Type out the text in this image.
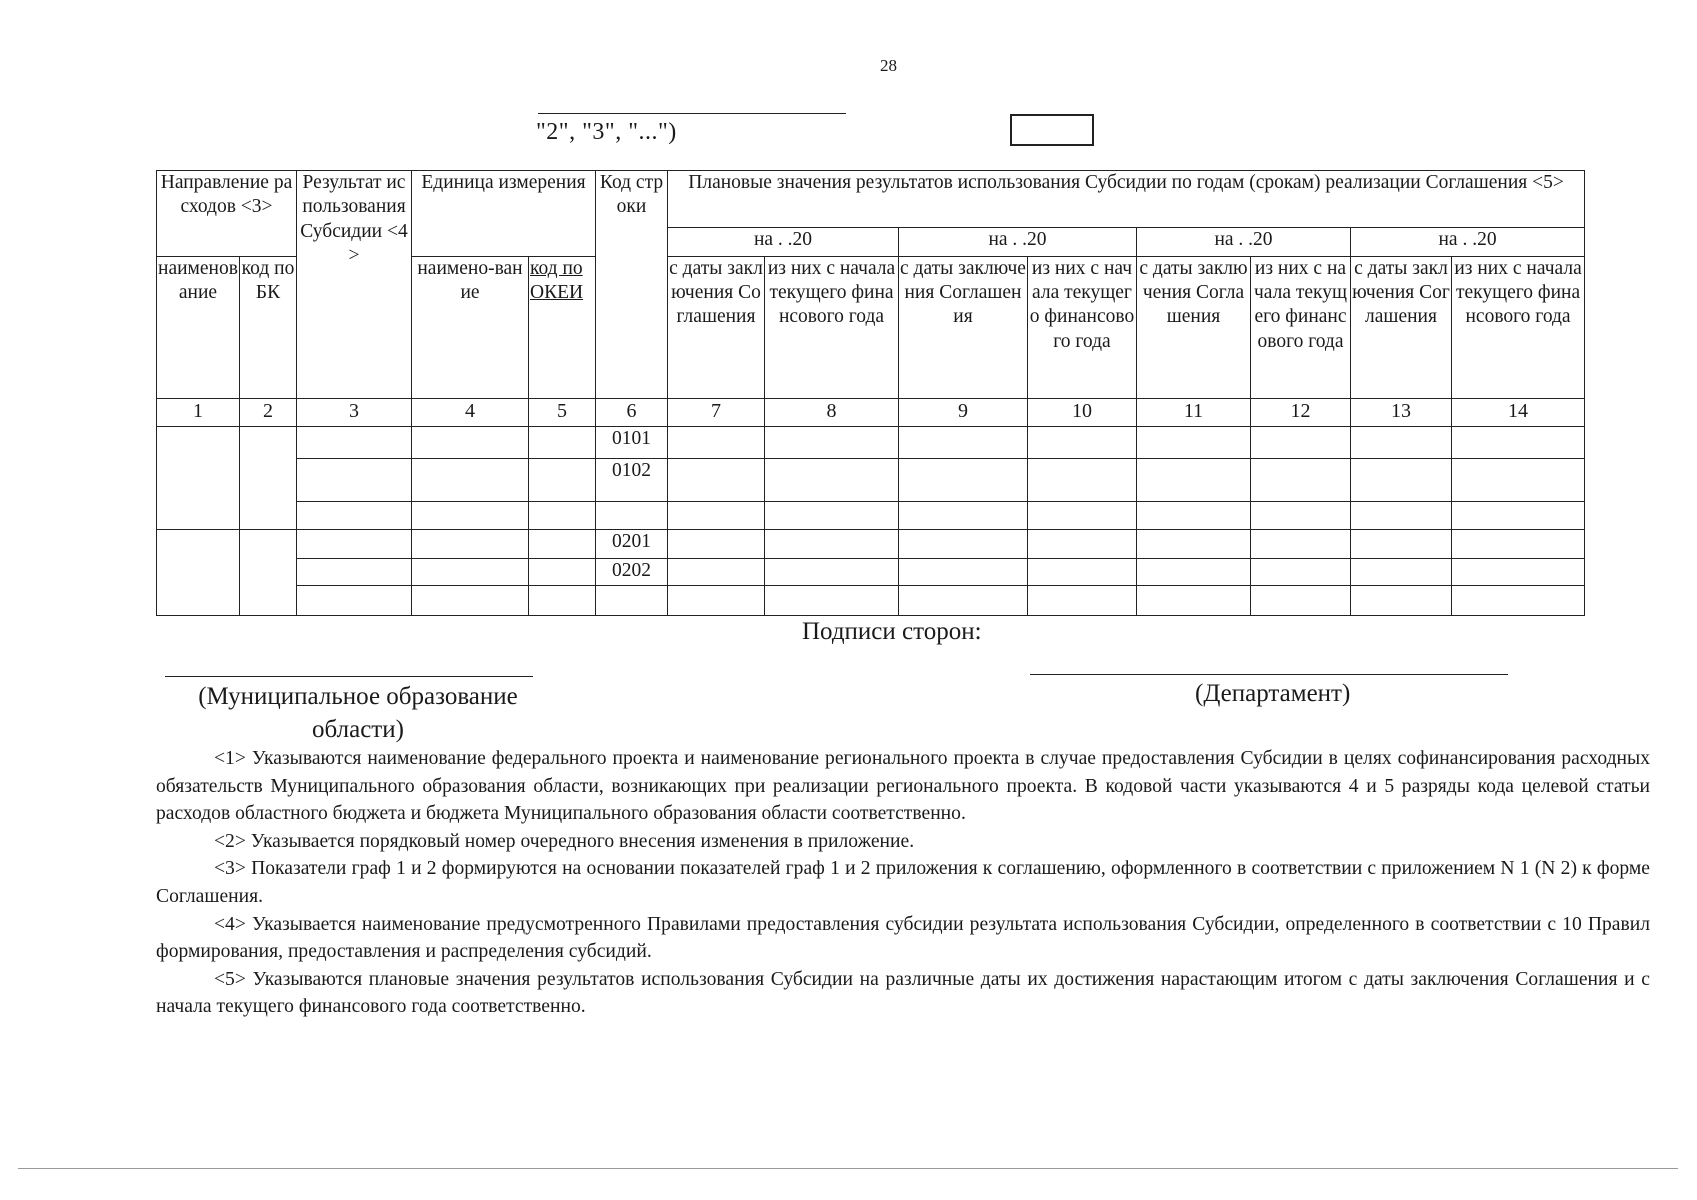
28
"2", "3", "...")
Направление расходов <3>		Результат использования Субсидии <4>	Единица измерения		Код строки	Плановые значения результатов использования Субсидии по годам (срокам) реализации Соглашения <5>							
						на . .20		на . .20		на . .20		на . .20	
наименование	код по БК		наимено-вание	код по ОКЕИ		с даты заключения Соглашения	из них с начала текущего финансового года	с даты заключения Соглашения	из них с начала текущего финансового года	с даты заключения Соглашения	из них с начала текущего финансового года	с даты заключения Соглашения	из них с начала текущего финансового года
1	2	3	4	5	6	7	8	9	10	11	12	13	14
					0101								
					0102								

					0201								
					0202								

Подписи сторон:
(Муниципальное образование области)
(Департамент)

<1> Указываются наименование федерального проекта и наименование регионального проекта в случае предоставления Субсидии в целях софинансирования расходных обязательств Муниципального образования области, возникающих при реализации регионального проекта. В кодовой части указываются 4 и 5 разряды кода целевой статьи расходов областного бюджета и бюджета Муниципального образования области соответственно.

<2> Указывается порядковый номер очередного внесения изменения в приложение.

<3> Показатели граф 1 и 2 формируются на основании показателей граф 1 и 2 приложения к соглашению, оформленного в соответствии с приложением N 1 (N 2) к форме Соглашения.

<4> Указывается наименование предусмотренного Правилами предоставления субсидии результата использования Субсидии, определенного в соответствии с 10 Правил формирования, предоставления и распределения субсидий.

<5> Указываются плановые значения результатов использования Субсидии на различные даты их достижения нарастающим итогом с даты заключения Соглашения и с начала текущего финансового года соответственно.
